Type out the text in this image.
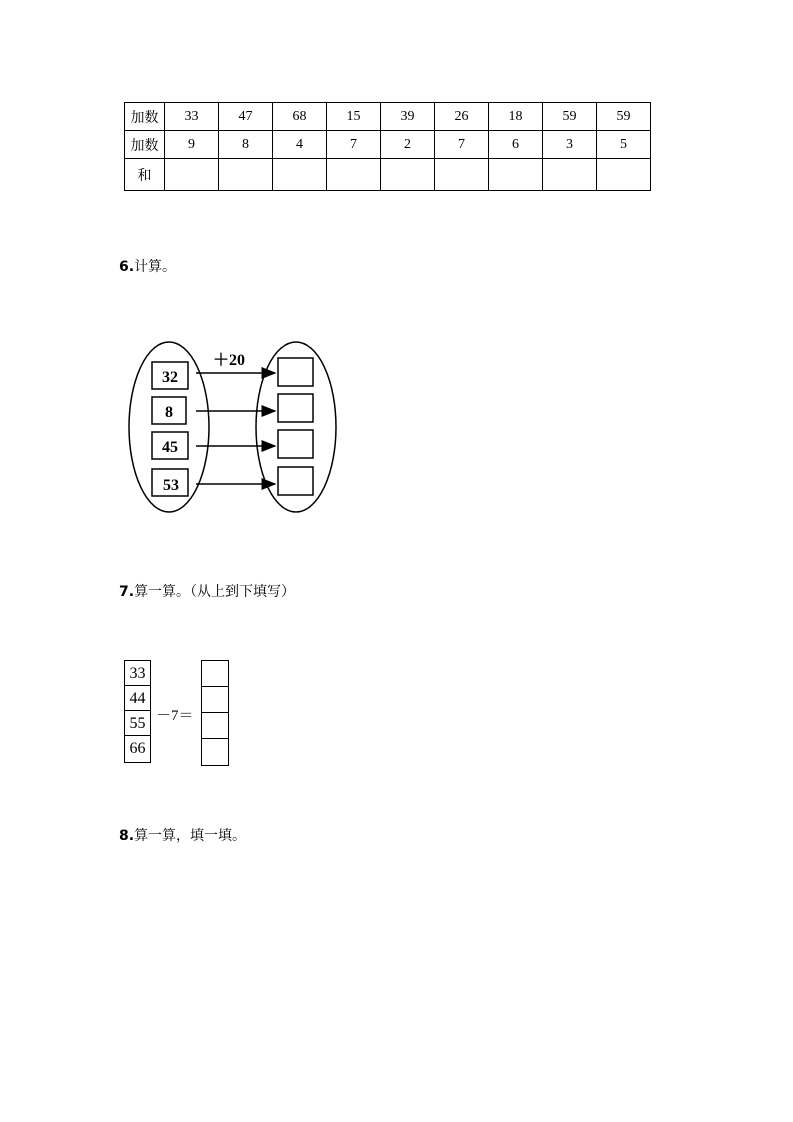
加数	33	47	68	15	39	26	18	59	59
加数	9	8	4	7	2	7	6	3	5
和									
6.计算。
＋20
32
8
45
53
7.算一算。（从上到下填写）
33
44
55
66
－7＝
8.算一算，填一填。
